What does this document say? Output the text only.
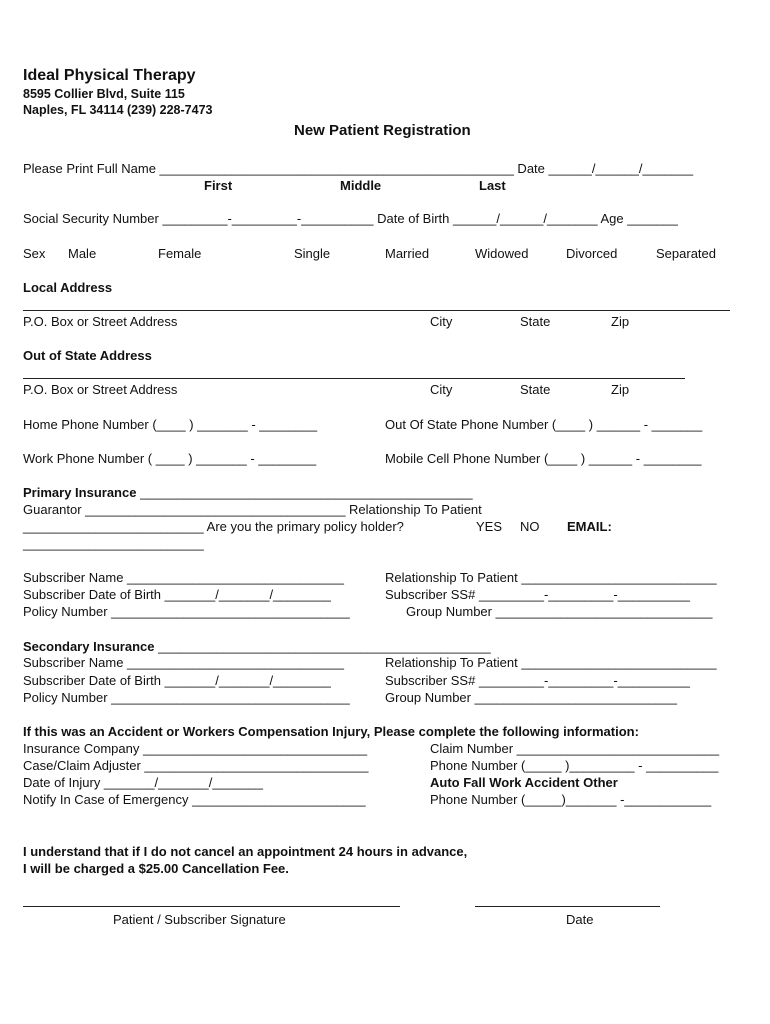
Ideal Physical Therapy
8595 Collier Blvd, Suite 115
Naples, FL 34114 (239) 228-7473
New Patient Registration
Please Print Full Name _________________________________________________ Date ______/______/_______
First	Middle	Last
Social Security Number _________-_________-__________ Date of Birth ______/______/_______ Age _______
Sex Male	Female	Single	Married	Widowed	Divorced	Separated
Local Address
P.O. Box or Street Address	City	State	Zip
Out of State Address
P.O. Box or Street Address	City	State	Zip
Home Phone Number (____ ) _______ - ________	Out Of State Phone Number (____ ) ______ - _______
Work Phone Number ( ____ ) _______ - ________	Mobile Cell Phone Number (____ ) ______ - ________
Primary Insurance ______________________________________________
Guarantor ____________________________________ Relationship To Patient
_________________________ Are you the primary policy holder?	YES NO EMAIL:
_________________________
Subscriber Name ______________________________	Relationship To Patient ___________________________
Subscriber Date of Birth _______/_______/________	Subscriber SS# _________-_________-__________
Policy Number _________________________________	Group Number ______________________________
Secondary Insurance ______________________________________________
Subscriber Name ______________________________	Relationship To Patient ___________________________
Subscriber Date of Birth _______/_______/________	Subscriber SS# _________-_________-__________
Policy Number _________________________________	Group Number ____________________________
If this was an Accident or Workers Compensation Injury, Please complete the following information:
Insurance Company _______________________________	Claim Number ____________________________
Case/Claim Adjuster _______________________________	Phone Number (_____ )_________ - __________
Date of Injury _______/_______/_______	Auto Fall Work Accident Other
Notify In Case of Emergency ________________________	Phone Number (_____)_______ -____________
I understand that if I do not cancel an appointment 24 hours in advance,
I will be charged a $25.00 Cancellation Fee.
Patient / Subscriber Signature	Date
